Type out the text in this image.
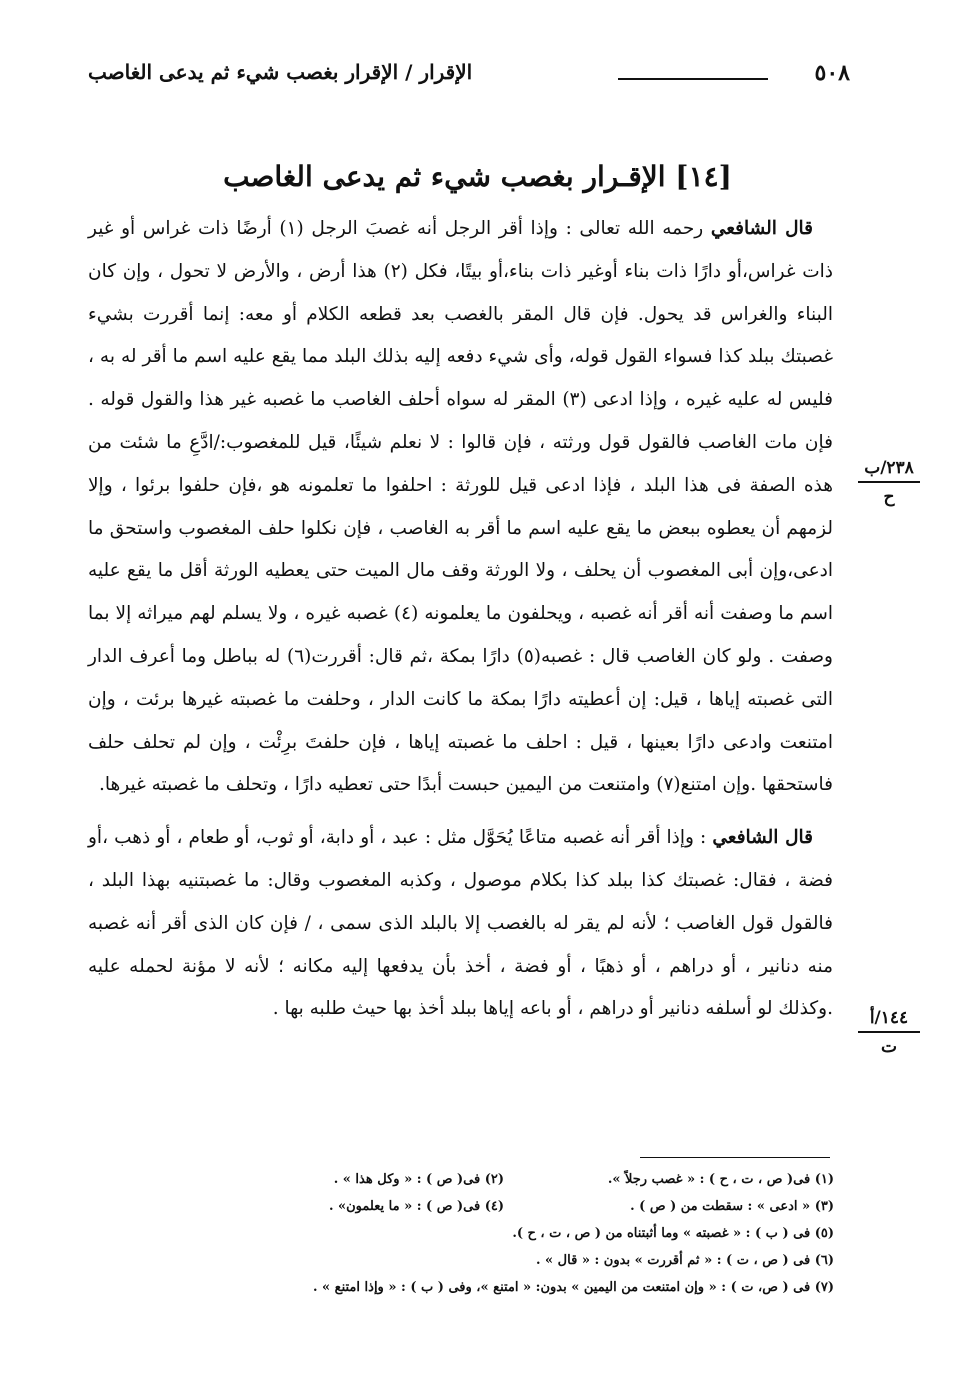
٥٠٨
الإقرار / الإقرار بغصب شيء ثم يدعى الغاصب
[١٤] الإقـرار بغصب شيء ثم يدعى الغاصب

قال الشافعي رحمه الله تعالى : وإذا أقر الرجل أنه غصبَ الرجل (١) أرضًا ذات غراس أو غير ذات غراس،أو دارًا ذات بناء أوغير ذات بناء،أو بيتًا، فكل (٢) هذا أرض ، والأرض لا تحول ، وإن كان البناء والغراس قد يحول. فإن قال المقر بالغصب بعد قطعه الكلام أو معه: إنما أقررت بشيء غصبتك ببلد كذا فسواء القول قوله، وأى شيء دفعه إليه بذلك البلد مما يقع عليه اسم ما أقر له به ، فليس له عليه غيره ، وإذا ادعى (٣) المقر له سواه أحلف الغاصب ما غصبه غير هذا والقول قوله . فإن مات الغاصب فالقول قول ورثته ، فإن قالوا : لا نعلم شيئًا، قيل للمغصوب:/ادَّعِ ما شئت من هذه الصفة فى هذا البلد ، فإذا ادعى قيل للورثة : احلفوا ما تعلمونه هو ،فإن حلفوا برئوا ، وإلا لزمهم أن يعطوه ببعض ما يقع عليه اسم ما أقر به الغاصب ، فإن نكلوا حلف المغصوب واستحق ما ادعى،وإن أبى المغصوب أن يحلف ، ولا الورثة وقف مال الميت حتى يعطيه الورثة أقل ما يقع عليه اسم ما وصفت أنه أقر أنه غصبه ، ويحلفون ما يعلمونه (٤) غصبه غيره ، ولا يسلم لهم ميراثه إلا بما وصفت . ولو كان الغاصب قال : غصبه(٥) دارًا بمكة ،ثم قال: أقررت(٦) له بباطل وما أعرف الدار التى غصبته إياها ، قيل: إن أعطيته دارًا بمكة ما كانت الدار ، وحلفت ما غصبته غيرها برئت ، وإن امتنعت وادعى دارًا بعينها ، قيل : احلف ما غصبته إياها ، فإن حلفتَ برِئْت ، وإن لم تحلف حلف فاستحقها .وإن امتنع(٧) وامتنعت من اليمين حبست أبدًا حتى تعطيه دارًا ، وتحلف ما غصبته غيرها.

قال الشافعي : وإذا أقر أنه غصبه متاعًا يُحَوَّل مثل : عبد ، أو دابة، أو ثوب، أو طعام ، أو ذهب ،أو فضة ، فقال: غصبتك كذا ببلد كذا بكلام موصول ، وكذبه المغصوب وقال: ما غصبتنيه بهذا البلد ، فالقول قول الغاصب ؛ لأنه لم يقر له بالغصب إلا بالبلد الذى سمى ، / فإن كان الذى أقر أنه غصبه منه دنانير ، أو دراهم ، أو ذهبًا ، أو فضة ، أخذ بأن يدفعها إليه مكانه ؛ لأنه لا مؤنة لحمله عليه .وكذلك لو أسلفه دنانير أو دراهم ، أو باعه إياها ببلد أخذ بها حيث طلبه بها .

٢٣٨/ب
ح
١٤٤/أ
ت
(١) فى( ص ، ت ، ح ) : « غصب رجلاً ».
(٢) فى( ص ) : « وكل هذا » .
(٣) « ادعى » : سقطت من ( ص ) .
(٤) فى( ص ) : « ما يعلمون» .
(٥) فى ( ب ) : « غصبته » وما أثبتناه من ( ص ، ت ، ح ).
(٦) فى ( ص ، ت ) : « ثم أقررت » بدون : « قال » .
(٧) فى ( ص، ت ) : « وإن امتنعت من اليمين » بدون: « امتنع »، وفى ( ب ) : « وإذا امتنع » .
